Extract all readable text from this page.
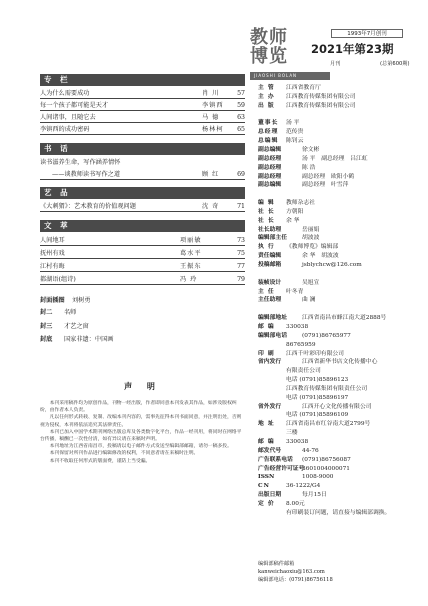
专 栏
人为什么需要成功	肖 川	57
每一个孩子都可能是天才	李镇西 59
人间诸事，且随它去	马 德	63
李镇西的成功密码	杨林柯 65
书 话
读书滋养生命，写作涵养情怀
——谈教师读书写作之道	顾 红	69
艺 品
《大刺猬》：艺术教育的价值观问题	沈 奇	71
文 萃
人间地耳	项丽敏	73
抚州有戏	葛水平	75
江村有晦	王振东	77
都湖语(组诗)	冯 玲	79
封面插图 刘树勇
封二 名师
封三 才艺之窗
封底 国家非遗：中国画
声 明

本刊采用稿件均为原创作品，刊物一经出版，作者即同意本刊发表其作品，如涉及版权纠纷，由作者本人负责。

凡以任何形式转载、复制、改编本刊内容的，需事先征得本刊书面同意，并注明出处，否则视为侵权，本刊将依法追究其法律责任。

本刊已加入中国学术期刊网络出版总库及各类数字化平台，作品一经刊用，将同时在网络平台传播，稿酬已一次性付清，如有异议请在来稿时声明。

本刊地址为江西省南昌市，投稿请以电子邮件方式发送至编辑部邮箱，请勿一稿多投。

本刊保留对所刊作品进行编辑修改的权利，不同意者请在来稿时注明。

本刊不收取任何形式的版面费，谨防上当受骗。

教师博览
JIAOSHI BOLAN
1993年7月创刊
2021年第23期
月刊	(总第600期)
主 管 江西省教育厅
主 办 江西教育传媒集团有限公司
出 版 江西教育传媒集团有限公司
董事长 汤 平
总经理 范传贵
总编辑 陈钊云
副总编辑	徐文彬
副总经理	汤 平　副总经理　吕江虹
副总经理	陈 浩
副总经理	副总经理　欧阳小鹤
副总编辑	副总经理　叶雪萍
编 辑 教师杂志社
社 长 方朝阳
社 长 余 华
社长助理	岳丽娟
编辑部主任	胡波波
执 行 《教师博览》编辑部
责任编辑	余 华　胡波波
投稿邮箱	jsblychcw@126.com
装帧设计	吴旭宣
主 任 叶冬青
主任助理	曲 澜
编辑部地址	江西省南昌市蜂江南大道2888号
邮 编 330038
编辑部电话	(0791)86765977
86765959
印 刷 江西千叶彩印有限公司
省内发行	江西省新华书店文化传播中心
有限责任公司
电话 (0791)85896123
江西教育传媒集团有限责任公司
电话 (0791)85896197
省外发行	江西开心文化传播有限公司
电话 (0791)85896109
地 址 江西省南昌市红谷南大道2799号
三楼
邮 编 330038
邮发代号	44-76
广告联系电话 (0791)86756087
广告经营许可证号3601004000071
ISSN	1008-9000
CN	36-1222/G4
出版日期	每月15日
定 价 8.00元
有印刷装订问题，请直接与编辑部调换。
编辑部稿件邮箱
kanweichaoxiu@163.com
编辑部电话：(0791)86756118
